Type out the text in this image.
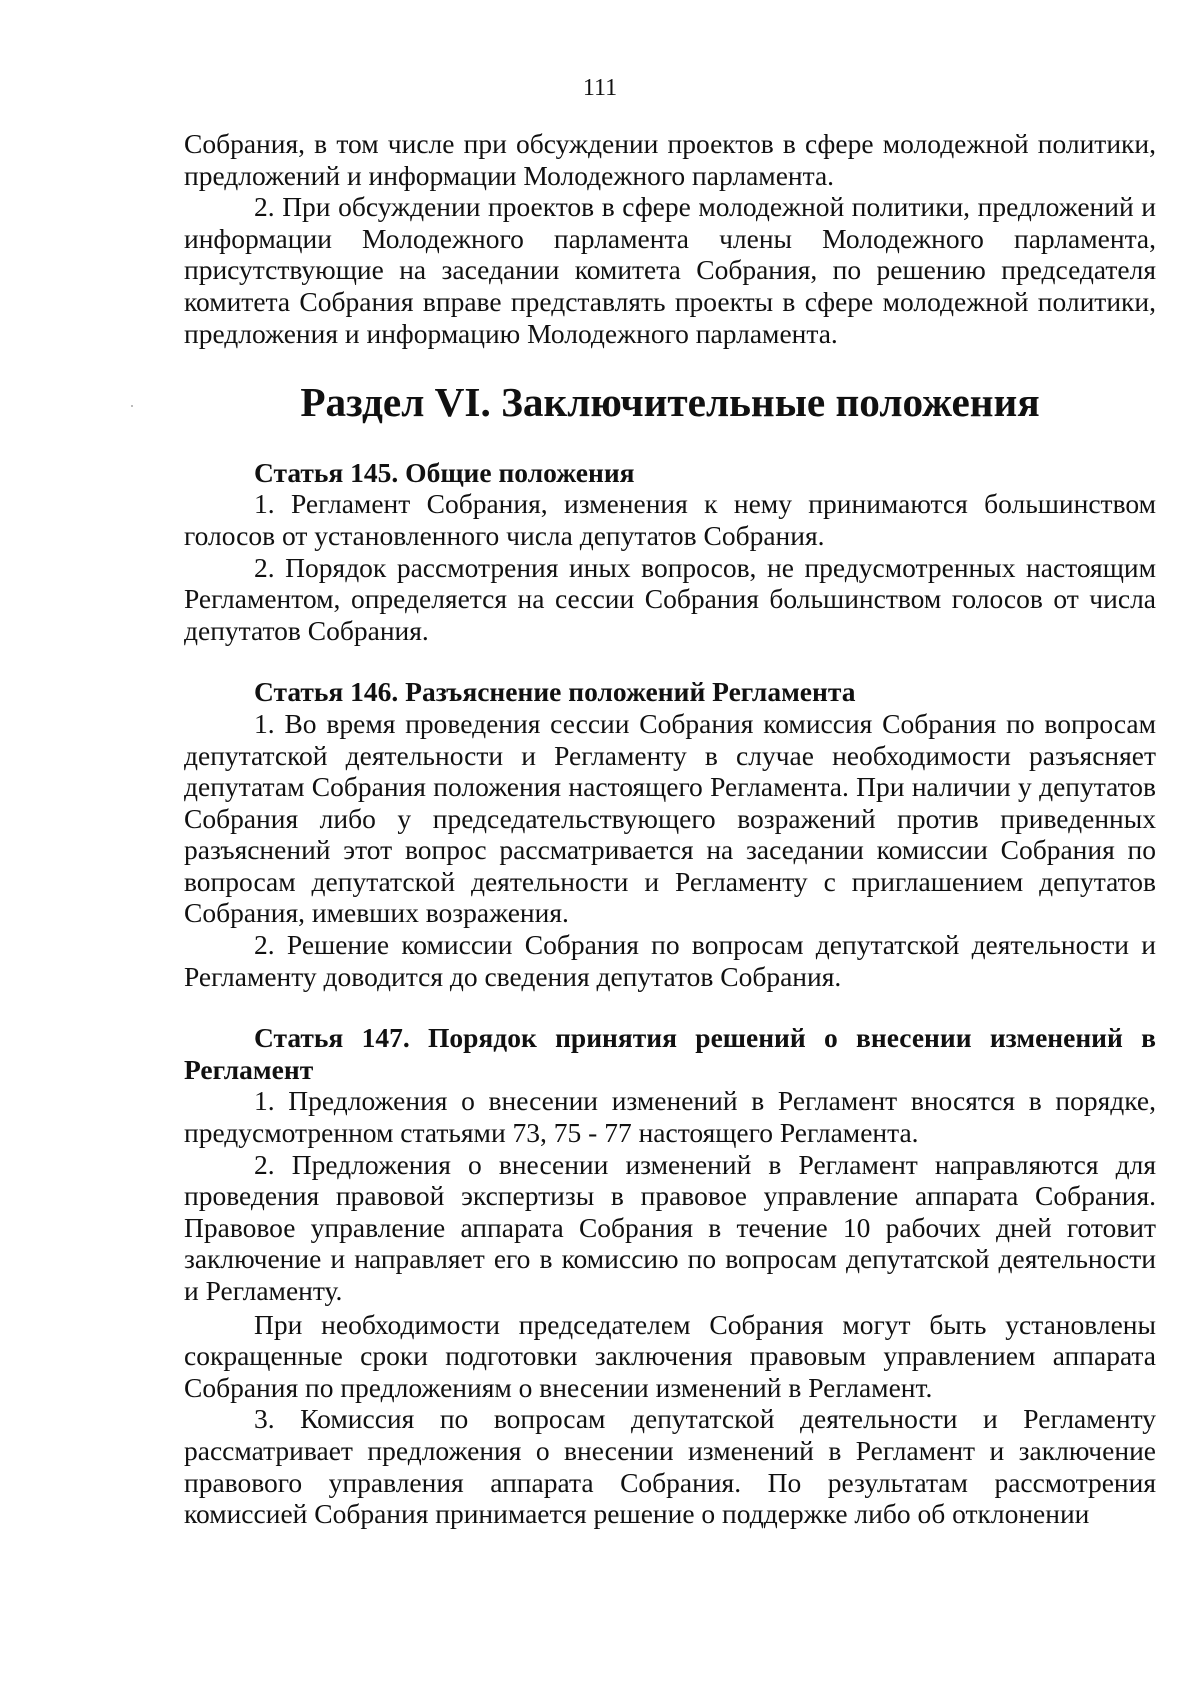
111

Собрания, в том числе при обсуждении проектов в сфере молодежной политики, предложений и информации Молодежного парламента.

2. При обсуждении проектов в сфере молодежной политики, предложений и информации Молодежного парламента члены Молодежного парламента, присутствующие на заседании комитета Собрания, по решению председателя комитета Собрания вправе представлять проекты в сфере молодежной политики, предложения и информацию Молодежного парламента.

Раздел VI. Заключительные положения

Статья 145. Общие положения

1. Регламент Собрания, изменения к нему принимаются большинством голосов от установленного числа депутатов Собрания.

2. Порядок рассмотрения иных вопросов, не предусмотренных настоящим Регламентом, определяется на сессии Собрания большинством голосов от числа депутатов Собрания.

Статья 146. Разъяснение положений Регламента

1. Во время проведения сессии Собрания комиссия Собрания по вопросам депутатской деятельности и Регламенту в случае необходимости разъясняет депутатам Собрания положения настоящего Регламента. При наличии у депутатов Собрания либо у председательствующего возражений против приведенных разъяснений этот вопрос рассматривается на заседании комиссии Собрания по вопросам депутатской деятельности и Регламенту с приглашением депутатов Собрания, имевших возражения.

2. Решение комиссии Собрания по вопросам депутатской деятельности и Регламенту доводится до сведения депутатов Собрания.

Статья 147. Порядок принятия решений о внесении изменений в Регламент

1. Предложения о внесении изменений в Регламент вносятся в порядке, предусмотренном статьями 73, 75 - 77 настоящего Регламента.

2. Предложения о внесении изменений в Регламент направляются для проведения правовой экспертизы в правовое управление аппарата Собрания. Правовое управление аппарата Собрания в течение 10 рабочих дней готовит заключение и направляет его в комиссию по вопросам депутатской деятельности и Регламенту.

При необходимости председателем Собрания могут быть установлены сокращенные сроки подготовки заключения правовым управлением аппарата Собрания по предложениям о внесении изменений в Регламент.

3. Комиссия по вопросам депутатской деятельности и Регламенту рассматривает предложения о внесении изменений в Регламент и заключение правового управления аппарата Собрания. По результатам рассмотрения комиссией Собрания принимается решение о поддержке либо об отклонении
